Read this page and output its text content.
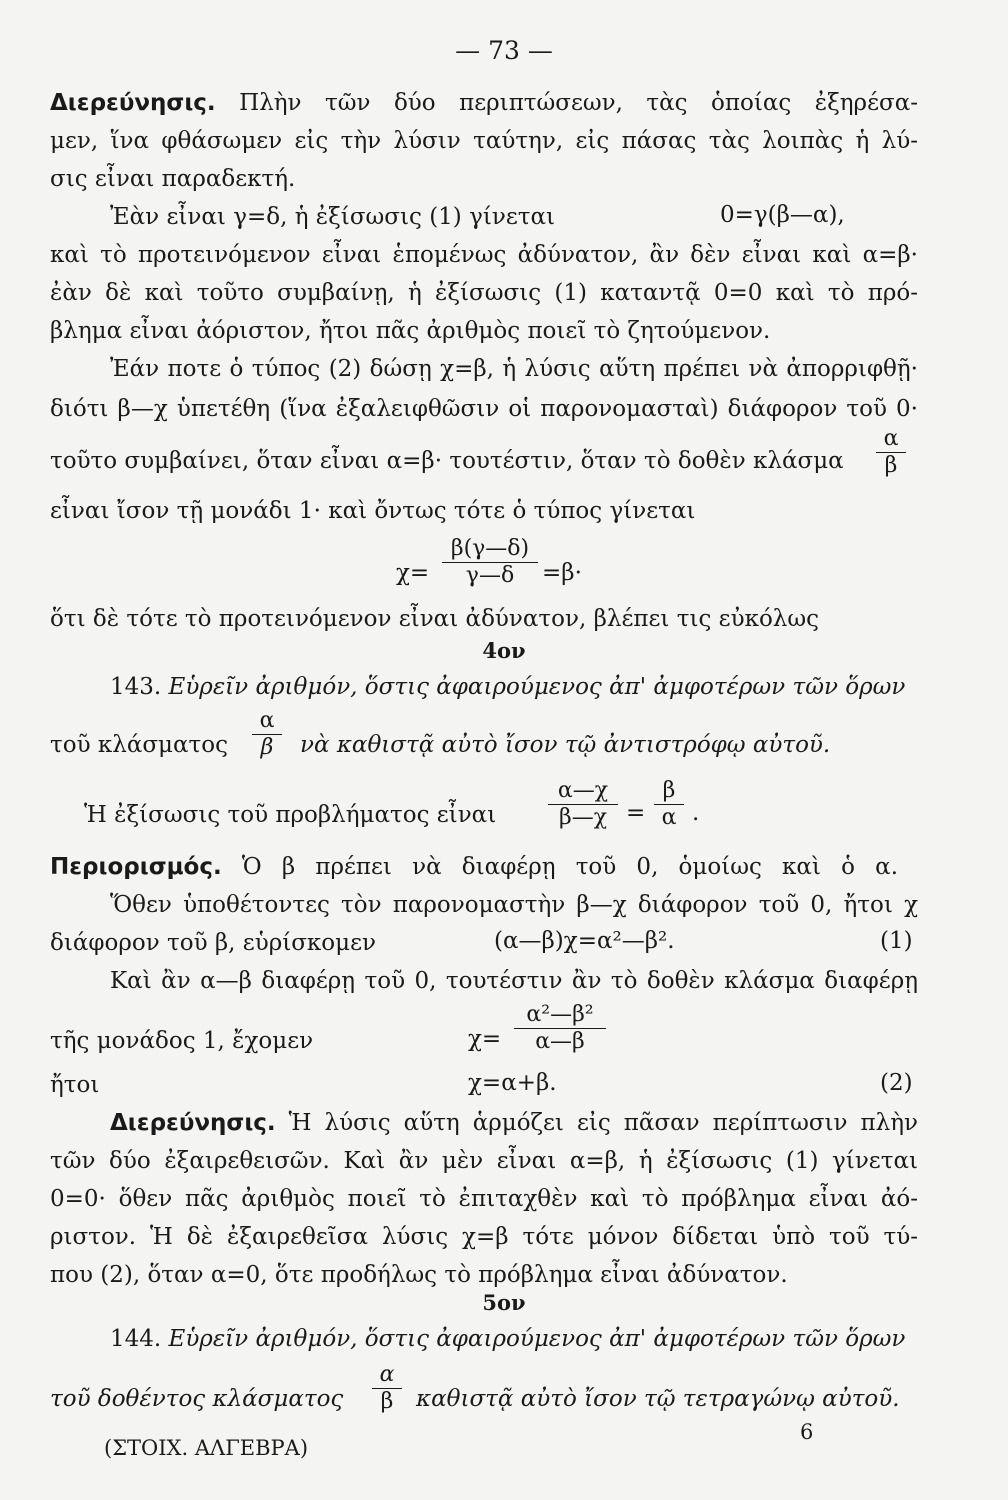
— 73 —
Διερεύνησις. Πλὴν τῶν δύο περιπτώσεων, τὰς ὁποίας ἐξηρέσα-
μεν, ἵνα φθάσωμεν εἰς τὴν λύσιν ταύτην, εἰς πάσας τὰς λοιπὰς ἡ λύ-
σις εἶναι παραδεκτή.
Ἐὰν εἶναι γ=δ, ἡ ἐξίσωσις (1) γίνεται	0=γ(β—α),
καὶ τὸ προτεινόμενον εἶναι ἑπομένως ἀδύνατον, ἂν δὲν εἶναι καὶ α=β·
ἐὰν δὲ καὶ τοῦτο συμβαίνῃ, ἡ ἐξίσωσις (1) καταντᾷ 0=0 καὶ τὸ πρό-
βλημα εἶναι ἀόριστον, ἤτοι πᾶς ἀριθμὸς ποιεῖ τὸ ζητούμενον.
Ἐάν ποτε ὁ τύπος (2) δώσῃ χ=β, ἡ λύσις αὕτη πρέπει νὰ ἀπορριφθῇ·
διότι β—χ ὑπετέθη (ἵνα ἐξαλειφθῶσιν οἱ παρονομασταὶ) διάφορον τοῦ 0·
τοῦτο συμβαίνει, ὅταν εἶναι α=β· τουτέστιν, ὅταν τὸ δοθὲν κλάσμα $\frac{\alpha}{\beta}$
εἶναι ἴσον τῇ μονάδι 1· καὶ ὄντως τότε ὁ τύπος γίνεται
$\chi= \frac{\beta(\gamma—\delta)}{\gamma—\delta} =\beta\cdot$
ὅτι δὲ τότε τὸ προτεινόμενον εἶναι ἀδύνατον, βλέπει τις εὐκόλως
4ον
143. Εὑρεῖν ἀριθμόν, ὅστις ἀφαιρούμενος ἀπ' ἀμφοτέρων τῶν ὅρων
τοῦ κλάσματος	$\frac{\alpha}{\beta}$ νὰ καθιστᾷ αὐτὸ ἴσον τῷ ἀντιστρόφῳ αὐτοῦ.
Ἡ ἐξίσωσις τοῦ προβλήματος εἶναι	$\frac{\alpha—\chi}{\beta—\chi} = \frac{\beta}{\alpha}$ .
Περιορισμός. Ὁ β πρέπει νὰ διαφέρῃ τοῦ 0, ὁμοίως καὶ ὁ α.
Ὅθεν ὑποθέτοντες τὸν παρονομαστὴν β—χ διάφορον τοῦ 0, ἤτοι χ
διάφορον τοῦ β, εὑρίσκομεν	(α—β)χ=α²—β².	(1)
Καὶ ἂν α—β διαφέρῃ τοῦ 0, τουτέστιν ἂν τὸ δοθὲν κλάσμα διαφέρῃ
τῆς μονάδος 1, ἔχομεν	$\chi= \frac{\text{α²—β²}}{\alpha—\beta}$
ἤτοι	χ=α+β.	(2)
Διερεύνησις. Ἡ λύσις αὕτη ἁρμόζει εἰς πᾶσαν περίπτωσιν πλὴν
τῶν δύο ἐξαιρεθεισῶν. Καὶ ἂν μὲν εἶναι α=β, ἡ ἐξίσωσις (1) γίνεται
0=0· ὅθεν πᾶς ἀριθμὸς ποιεῖ τὸ ἐπιταχθὲν καὶ τὸ πρόβλημα εἶναι ἀό-
ριστον. Ἡ δὲ ἐξαιρεθεῖσα λύσις χ=β τότε μόνον δίδεται ὑπὸ τοῦ τύ-
που (2), ὅταν α=0, ὅτε προδήλως τὸ πρόβλημα εἶναι ἀδύνατον.
5ον
144. Εὑρεῖν ἀριθμόν, ὅστις ἀφαιρούμενος ἀπ' ἀμφοτέρων τῶν ὅρων
τοῦ δοθέντος κλάσματος	$\frac{\alpha}{\beta}$ καθιστᾷ αὐτὸ ἴσον τῷ τετραγώνῳ αὐτοῦ.
(ΣΤΟΙΧ. ΑΛΓΕΒΡΑ)
6
